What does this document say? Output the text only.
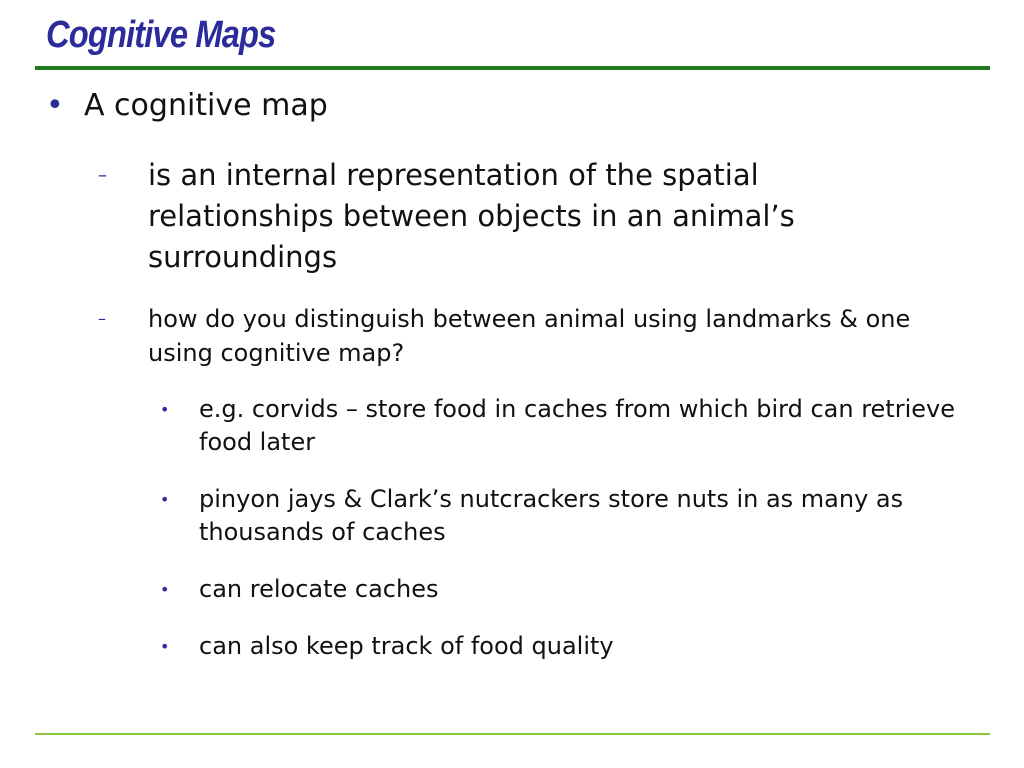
Cognitive Maps
• A cognitive map
–	is an internal representation of the spatial relationships between objects in an animal’s surroundings
–	how do you distinguish between animal using landmarks & one using cognitive map?
•	e.g. corvids – store food in caches from which bird can retrieve food later
•	pinyon jays & Clark’s nutcrackers store nuts in as many as thousands of caches
•	can relocate caches
•	can also keep track of food quality
